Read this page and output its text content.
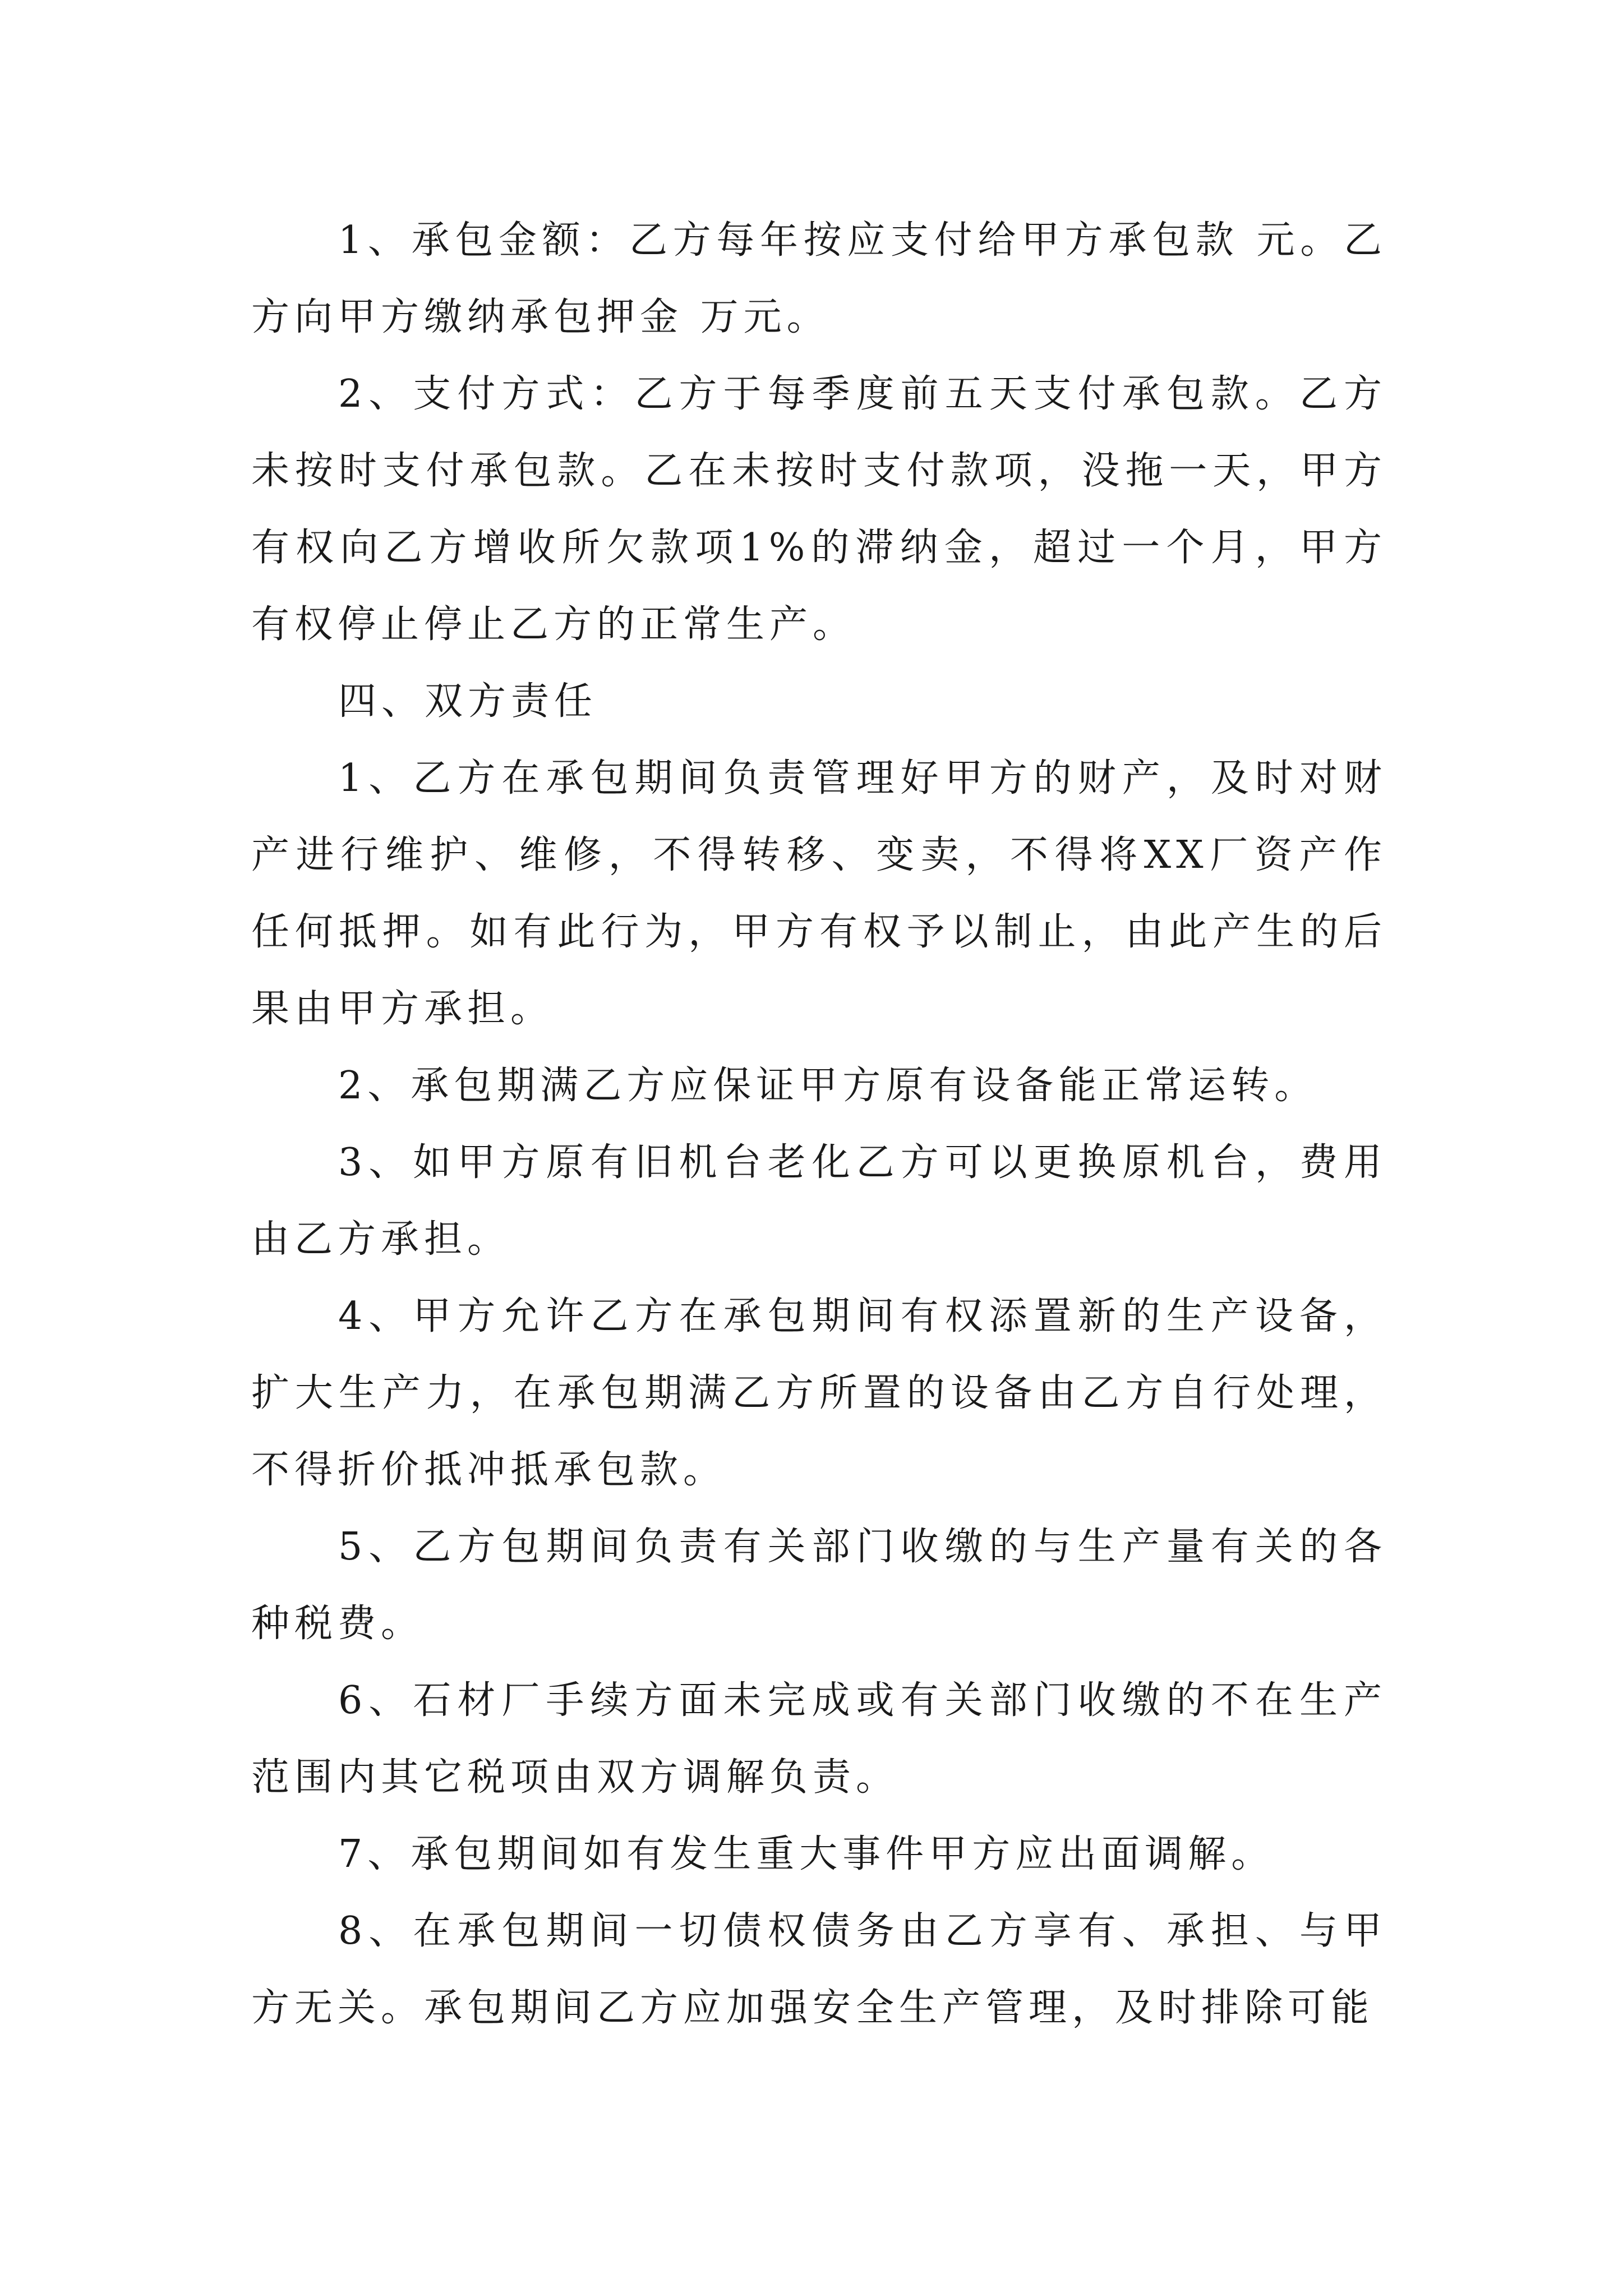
1、承包金额：乙方每年按应支付给甲方承包款 元。乙方向甲方缴纳承包押金 万元。

2、支付方式：乙方于每季度前五天支付承包款。乙方未按时支付承包款。乙在未按时支付款项，没拖一天，甲方有权向乙方增收所欠款项1%的滞纳金，超过一个月，甲方有权停止停止乙方的正常生产。

四、双方责任

1、乙方在承包期间负责管理好甲方的财产，及时对财产进行维护、维修，不得转移、变卖，不得将XX厂资产作任何抵押。如有此行为，甲方有权予以制止，由此产生的后果由甲方承担。

2、承包期满乙方应保证甲方原有设备能正常运转。

3、如甲方原有旧机台老化乙方可以更换原机台，费用由乙方承担。

4、甲方允许乙方在承包期间有权添置新的生产设备，扩大生产力，在承包期满乙方所置的设备由乙方自行处理，不得折价抵冲抵承包款。

5、乙方包期间负责有关部门收缴的与生产量有关的各种税费。

6、石材厂手续方面未完成或有关部门收缴的不在生产范围内其它税项由双方调解负责。

7、承包期间如有发生重大事件甲方应出面调解。

8、在承包期间一切债权债务由乙方享有、承担、与甲方无关。承包期间乙方应加强安全生产管理，及时排除可能
